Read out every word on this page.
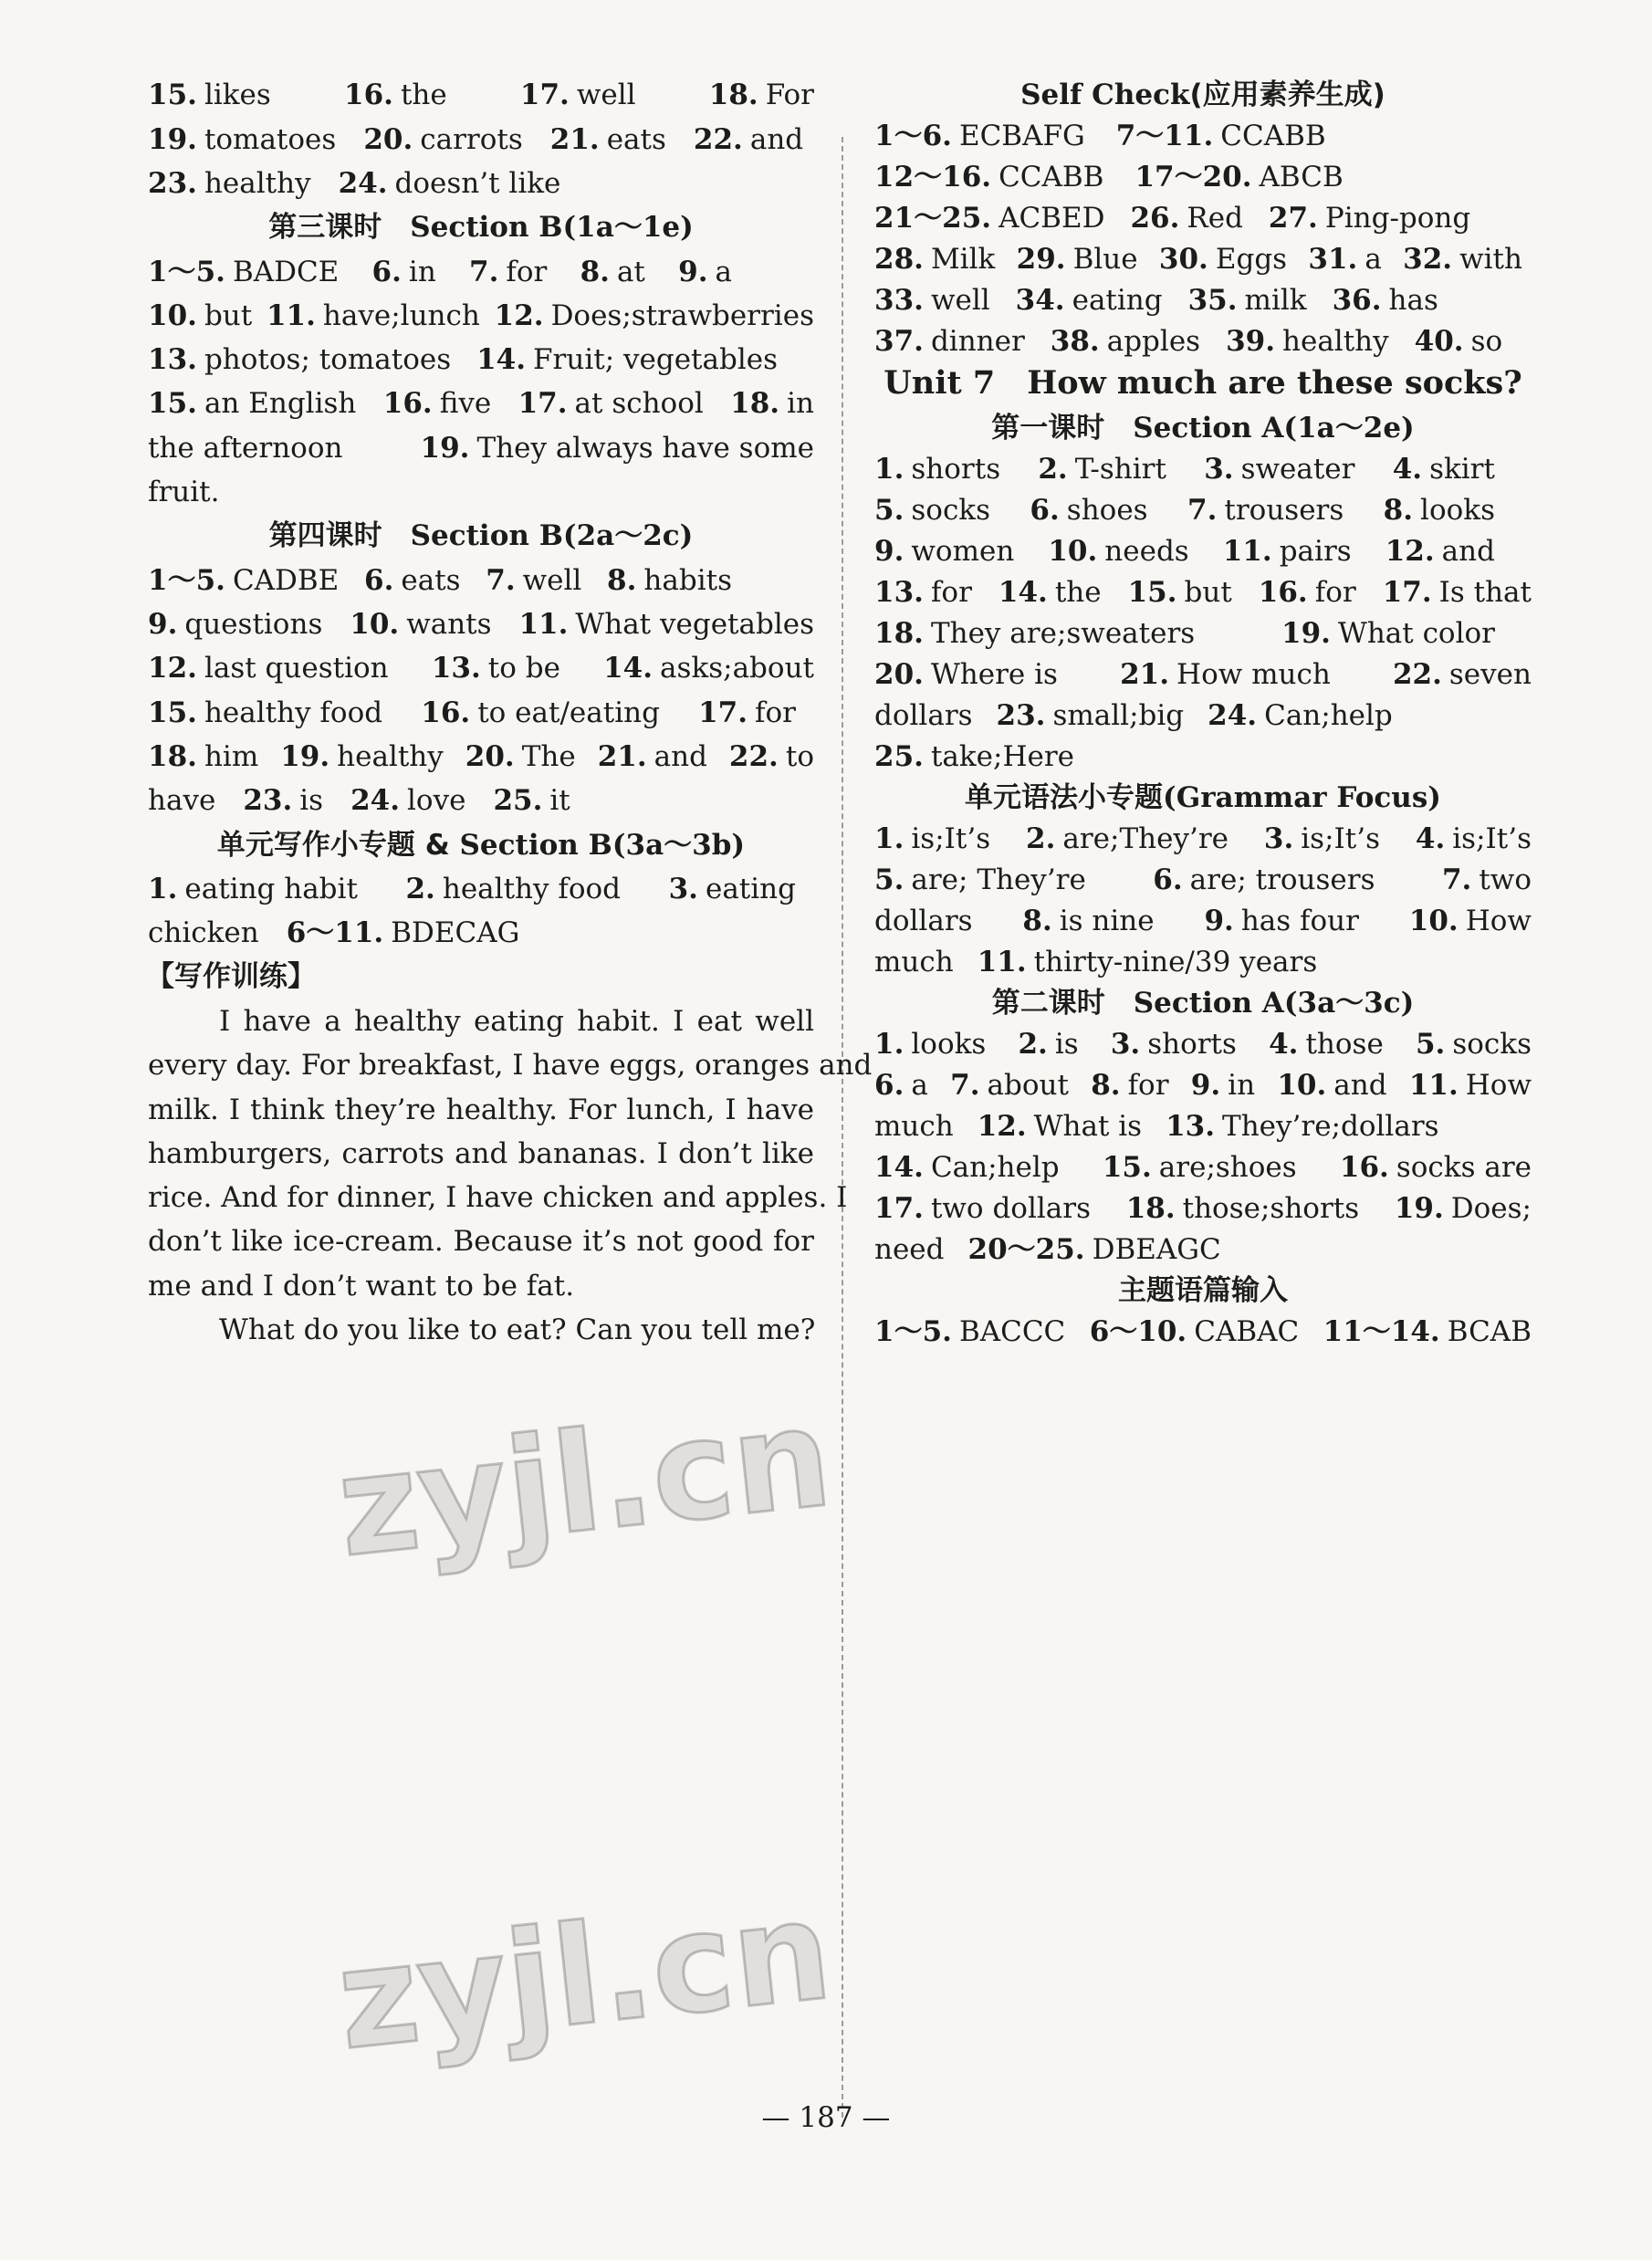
15. likes	16. the	17. well	18. For
19. tomatoes 20. carrots 21. eats 22. and
23. healthy 24. doesn’t like
第三课时  Section B(1a～1e)
1～5. BADCE 6. in 7. for 8. at 9. a
10. but 11. have;lunch 12. Does;strawberries
13. photos; tomatoes 14. Fruit; vegetables
15. an English 16. five 17. at school 18. in
the afternoon	19. They always have some
fruit.
第四课时  Section B(2a～2c)
1～5. CADBE 6. eats 7. well 8. habits
9. questions 10. wants 11. What vegetables
12. last question 13. to be 14. asks;about
15. healthy food 16. to eat/eating 17. for
18. him 19. healthy 20. The 21. and 22. to
have 23. is 24. love 25. it
单元写作小专题 & Section B(3a～3b)
1. eating habit 2. healthy food 3. eating
chicken 6～11. BDECAG
【写作训练】
I have a healthy eating habit. I eat well
every day. For breakfast, I have eggs, oranges and
milk. I think they’re healthy. For lunch, I have
hamburgers, carrots and bananas. I don’t like
rice. And for dinner, I have chicken and apples. I
don’t like ice-cream. Because it’s not good for
me and I don’t want to be fat.
What do you like to eat? Can you tell me?
Self Check(应用素养生成)
1～6. ECBAFG 7～11. CCABB
12～16. CCABB 17～20. ABCB
21～25. ACBED 26. Red 27. Ping-pong
28. Milk 29. Blue 30. Eggs 31. a 32. with
33. well 34. eating 35. milk 36. has
37. dinner 38. apples 39. healthy 40. so
Unit 7　How much are these socks?
第一课时  Section A(1a～2e)
1. shorts 2. T-shirt 3. sweater 4. skirt
5. socks 6. shoes 7. trousers 8. looks
9. women 10. needs 11. pairs 12. and
13. for 14. the 15. but 16. for 17. Is that
18. They are;sweaters	19. What color
20. Where is 21. How much 22. seven
dollars 23. small;big 24. Can;help
25. take;Here
单元语法小专题(Grammar Focus)
1. is;It’s 2. are;They’re 3. is;It’s 4. is;It’s
5. are; They’re 6. are; trousers 7. two
dollars 8. is nine 9. has four 10. How
much 11. thirty-nine/39 years
第二课时  Section A(3a～3c)
1. looks 2. is 3. shorts 4. those 5. socks
6. a 7. about 8. for 9. in 10. and 11. How
much 12. What is 13. They’re;dollars
14. Can;help 15. are;shoes 16. socks are
17. two dollars 18. those;shorts 19. Does;
need 20～25. DBEAGC
主题语篇输入
1～5. BACCC 6～10. CABAC 11～14. BCAB
— 187 —
zyjl.cn
zyjl.cn
